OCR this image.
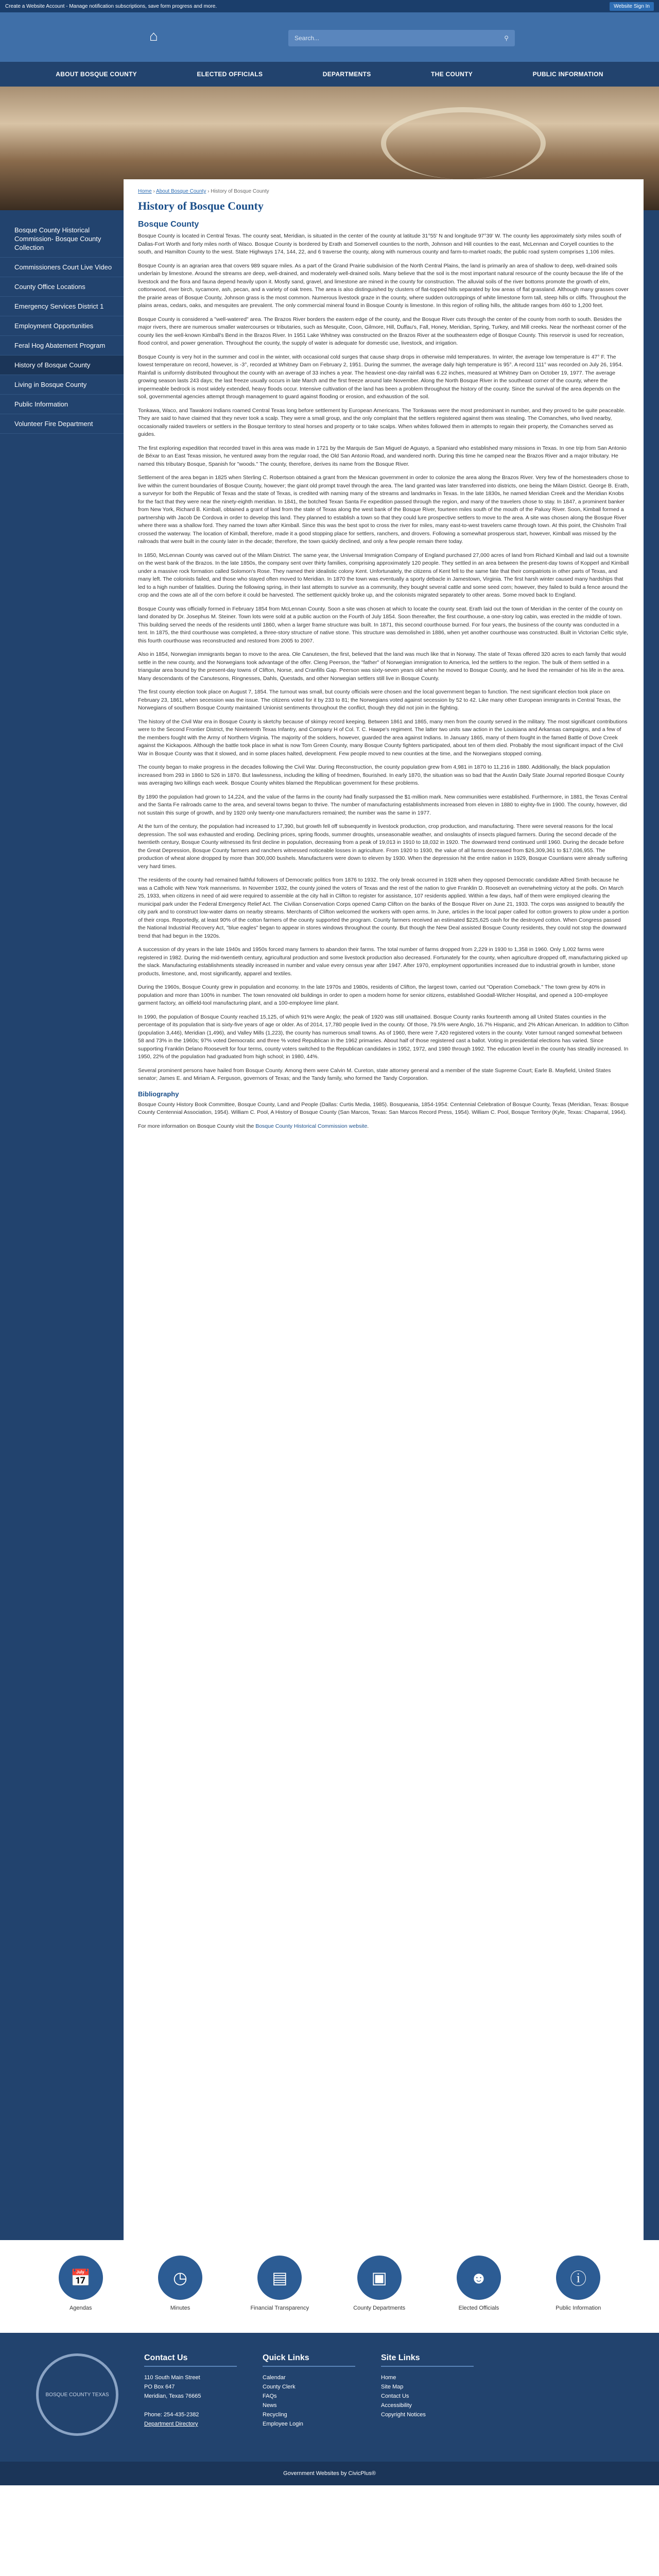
Create a Website Account - Manage notification subscriptions, save form progress and more.	Website Sign In
⌂	Search...	⚲
ABOUT BOSQUE COUNTY	ELECTED OFFICIALS	DEPARTMENTS	THE COUNTY	PUBLIC INFORMATION
Bosque County Historical Commission- Bosque County Collection
Commissioners Court Live Video
County Office Locations
Emergency Services District 1
Employment Opportunities
Feral Hog Abatement Program
History of Bosque County
Living in Bosque County
Public Information
Volunteer Fire Department
Home › About Bosque County › History of Bosque County
History of Bosque County
Bosque County

Bosque County is located in Central Texas. The county seat, Meridian, is situated in the center of the county at latitude 31°55' N and longitude 97°39' W. The county lies approximately sixty miles south of Dallas-Fort Worth and forty miles north of Waco. Bosque County is bordered by Erath and Somervell counties to the north, Johnson and Hill counties to the east, McLennan and Coryell counties to the south, and Hamilton County to the west. State Highways 174, 144, 22, and 6 traverse the county, along with numerous county and farm-to-market roads; the public road system comprises 1,106 miles.

Bosque County is an agrarian area that covers 989 square miles. As a part of the Grand Prairie subdivision of the North Central Plains, the land is primarily an area of shallow to deep, well-drained soils underlain by limestone. Around the streams are deep, well-drained, and moderately well-drained soils. Many believe that the soil is the most important natural resource of the county because the life of the livestock and the flora and fauna depend heavily upon it. Mostly sand, gravel, and limestone are mined in the county for construction. The alluvial soils of the river bottoms promote the growth of elm, cottonwood, river birch, sycamore, ash, pecan, and a variety of oak trees. The area is also distinguished by clusters of flat-topped hills separated by low areas of flat grassland. Although many grasses cover the prairie areas of Bosque County, Johnson grass is the most common. Numerous livestock graze in the county, where sudden outcroppings of white limestone form tall, steep hills or cliffs. Throughout the plains areas, cedars, oaks, and mesquites are prevalent. The only commercial mineral found in Bosque County is limestone. In this region of rolling hills, the altitude ranges from 460 to 1,200 feet.

Bosque County is considered a "well-watered" area. The Brazos River borders the eastern edge of the county, and the Bosque River cuts through the center of the county from north to south. Besides the major rivers, there are numerous smaller watercourses or tributaries, such as Mesquite, Coon, Gilmore, Hill, Duffau's, Fall, Honey, Meridian, Spring, Turkey, and Mill creeks. Near the northeast corner of the county lies the well-known Kimball's Bend in the Brazos River. In 1951 Lake Whitney was constructed on the Brazos River at the southeastern edge of Bosque County. This reservoir is used for recreation, flood control, and power generation. Throughout the county, the supply of water is adequate for domestic use, livestock, and irrigation.

Bosque County is very hot in the summer and cool in the winter, with occasional cold surges that cause sharp drops in otherwise mild temperatures. In winter, the average low temperature is 47° F. The lowest temperature on record, however, is -3°, recorded at Whitney Dam on February 2, 1951. During the summer, the average daily high temperature is 95°. A record 111° was recorded on July 26, 1954. Rainfall is uniformly distributed throughout the county with an average of 33 inches a year. The heaviest one-day rainfall was 6.22 inches, measured at Whitney Dam on October 19, 1977. The average growing season lasts 243 days; the last freeze usually occurs in late March and the first freeze around late November. Along the North Bosque River in the southeast corner of the county, where the impermeable bedrock is most widely extended, heavy floods occur. Intensive cultivation of the land has been a problem throughout the history of the county. Since the survival of the area depends on the soil, governmental agencies attempt through management to guard against flooding or erosion, and exhaustion of the soil.

Tonkawa, Waco, and Tawakoni Indians roamed Central Texas long before settlement by European Americans. The Tonkawas were the most predominant in number, and they proved to be quite peaceable. They are said to have claimed that they never took a scalp. They were a small group, and the only complaint that the settlers registered against them was stealing. The Comanches, who lived nearby, occasionally raided travelers or settlers in the Bosque territory to steal horses and property or to take scalps. When whites followed them in attempts to regain their property, the Comanches served as guides.

The first exploring expedition that recorded travel in this area was made in 1721 by the Marquis de San Miguel de Aguayo, a Spaniard who established many missions in Texas. In one trip from San Antonio de Béxar to an East Texas mission, he ventured away from the regular road, the Old San Antonio Road, and wandered north. During this time he camped near the Brazos River and a major tributary. He named this tributary Bosque, Spanish for "woods." The county, therefore, derives its name from the Bosque River.

Settlement of the area began in 1825 when Sterling C. Robertson obtained a grant from the Mexican government in order to colonize the area along the Brazos River. Very few of the homesteaders chose to live within the current boundaries of Bosque County, however; the giant old prompt travel through the area. The land granted was later transferred into districts, one being the Milam District. George B. Erath, a surveyor for both the Republic of Texas and the state of Texas, is credited with naming many of the streams and landmarks in Texas. In the late 1830s, he named Meridian Creek and the Meridian Knobs for the fact that they were near the ninety-eighth meridian. In 1841, the botched Texan Santa Fe expedition passed through the region, and many of the travelers chose to stay. In 1847, a prominent banker from New York, Richard B. Kimball, obtained a grant of land from the state of Texas along the west bank of the Bosque River, fourteen miles south of the mouth of the Paluxy River. Soon, Kimball formed a partnership with Jacob De Cordova in order to develop this land. They planned to establish a town so that they could lure prospective settlers to move to the area. A site was chosen along the Bosque River where there was a shallow ford. They named the town after Kimball. Since this was the best spot to cross the river for miles, many east-to-west travelers came through town. At this point, the Chisholm Trail crossed the waterway. The location of Kimball, therefore, made it a good stopping place for settlers, ranchers, and drovers. Following a somewhat prosperous start, however, Kimball was missed by the railroads that were built in the county later in the decade; therefore, the town quickly declined, and only a few people remain there today.

In 1850, McLennan County was carved out of the Milam District. The same year, the Universal Immigration Company of England purchased 27,000 acres of land from Richard Kimball and laid out a townsite on the west bank of the Brazos. In the late 1850s, the company sent over thirty families, comprising approximately 120 people. They settled in an area between the present-day towns of Kopperl and Kimball under a massive rock formation called Solomon's Rose. They named their idealistic colony Kent. Unfortunately, the citizens of Kent fell to the same fate that their compatriots in other parts of Texas, and many left. The colonists failed, and those who stayed often moved to Meridian. In 1870 the town was eventually a sporty debacle in Jamestown, Virginia. The first harsh winter caused many hardships that led to a high number of fatalities. During the following spring, in their last attempts to survive as a community, they bought several cattle and some seed corn; however, they failed to build a fence around the crop and the cows ate all of the corn before it could be harvested. The settlement quickly broke up, and the colonists migrated separately to other areas. Some moved back to England.

Bosque County was officially formed in February 1854 from McLennan County. Soon a site was chosen at which to locate the county seat. Erath laid out the town of Meridian in the center of the county on land donated by Dr. Josephus M. Steiner. Town lots were sold at a public auction on the Fourth of July 1854. Soon thereafter, the first courthouse, a one-story log cabin, was erected in the middle of town. This building served the needs of the residents until 1860, when a larger frame structure was built. In 1871, this second courthouse burned. For four years, the business of the county was conducted in a tent. In 1875, the third courthouse was completed, a three-story structure of native stone. This structure was demolished in 1886, when yet another courthouse was constructed. Built in Victorian Celtic style, this fourth courthouse was reconstructed and restored from 2005 to 2007.

Also in 1854, Norwegian immigrants began to move to the area. Ole Canutesen, the first, believed that the land was much like that in Norway. The state of Texas offered 320 acres to each family that would settle in the new county, and the Norwegians took advantage of the offer. Cleng Peerson, the "father" of Norwegian immigration to America, led the settlers to the region. The bulk of them settled in a triangular area bound by the present-day towns of Clifton, Norse, and Cranfills Gap. Peerson was sixty-seven years old when he moved to Bosque County, and he lived the remainder of his life in the area. Many descendants of the Canutesons, Ringnesses, Dahls, Questads, and other Norwegian settlers still live in Bosque County.

The first county election took place on August 7, 1854. The turnout was small, but county officials were chosen and the local government began to function. The next significant election took place on February 23, 1861, when secession was the issue. The citizens voted for it by 233 to 81; the Norwegians voted against secession by 52 to 42. Like many other European immigrants in Central Texas, the Norwegians of southern Bosque County maintained Unionist sentiments throughout the conflict, though they did not join in the fighting.

The history of the Civil War era in Bosque County is sketchy because of skimpy record keeping. Between 1861 and 1865, many men from the county served in the military. The most significant contributions were to the Second Frontier District, the Nineteenth Texas Infantry, and Company H of Col. T. C. Hawpe's regiment. The latter two units saw action in the Louisiana and Arkansas campaigns, and a few of the members fought with the Army of Northern Virginia. The majority of the soldiers, however, guarded the area against Indians. In January 1865, many of them fought in the famed Battle of Dove Creek against the Kickapoos. Although the battle took place in what is now Tom Green County, many Bosque County fighters participated, about ten of them died. Probably the most significant impact of the Civil War in Bosque County was that it slowed, and in some places halted, development. Few people moved to new counties at the time, and the Norwegians stopped coming.

The county began to make progress in the decades following the Civil War. During Reconstruction, the county population grew from 4,981 in 1870 to 11,216 in 1880. Additionally, the black population increased from 293 in 1860 to 526 in 1870. But lawlessness, including the killing of freedmen, flourished. In early 1870, the situation was so bad that the Austin Daily State Journal reported Bosque County was averaging two killings each week. Bosque County whites blamed the Republican government for these problems.

By 1890 the population had grown to 14,224, and the value of the farms in the county had finally surpassed the $1-million mark. New communities were established. Furthermore, in 1881, the Texas Central and the Santa Fe railroads came to the area, and several towns began to thrive. The number of manufacturing establishments increased from eleven in 1880 to eighty-five in 1900. The county, however, did not sustain this surge of growth, and by 1920 only twenty-one manufacturers remained; the number was the same in 1977.

At the turn of the century, the population had increased to 17,390, but growth fell off subsequently in livestock production, crop production, and manufacturing. There were several reasons for the local depression. The soil was exhausted and eroding. Declining prices, spring floods, summer droughts, unseasonable weather, and onslaughts of insects plagued farmers. During the second decade of the twentieth century, Bosque County witnessed its first decline in population, decreasing from a peak of 19,013 in 1910 to 18,032 in 1920. The downward trend continued until 1960. During the decade before the Great Depression, Bosque County farmers and ranchers witnessed noticeable losses in agriculture. From 1920 to 1930, the value of all farms decreased from $26,309,361 to $17,036,955. The production of wheat alone dropped by more than 300,000 bushels. Manufacturers were down to eleven by 1930. When the depression hit the entire nation in 1929, Bosque Countians were already suffering very hard times.

The residents of the county had remained faithful followers of Democratic politics from 1876 to 1932. The only break occurred in 1928 when they opposed Democratic candidate Alfred Smith because he was a Catholic with New York mannerisms. In November 1932, the county joined the voters of Texas and the rest of the nation to give Franklin D. Roosevelt an overwhelming victory at the polls. On March 25, 1933, when citizens in need of aid were required to assemble at the city hall in Clifton to register for assistance, 107 residents applied. Within a few days, half of them were employed clearing the municipal park under the Federal Emergency Relief Act. The Civilian Conservation Corps opened Camp Clifton on the banks of the Bosque River on June 21, 1933. The corps was assigned to beautify the city park and to construct low-water dams on nearby streams. Merchants of Clifton welcomed the workers with open arms. In June, articles in the local paper called for cotton growers to plow under a portion of their crops. Reportedly, at least 90% of the cotton farmers of the county supported the program. County farmers received an estimated $225,625 cash for the destroyed cotton. When Congress passed the National Industrial Recovery Act, "blue eagles" began to appear in stores windows throughout the county. But though the New Deal assisted Bosque County residents, they could not stop the downward trend that had begun in the 1920s.

A succession of dry years in the late 1940s and 1950s forced many farmers to abandon their farms. The total number of farms dropped from 2,229 in 1930 to 1,358 in 1960. Only 1,002 farms were registered in 1982. During the mid-twentieth century, agricultural production and some livestock production also decreased. Fortunately for the county, when agriculture dropped off, manufacturing picked up the slack. Manufacturing establishments steadily increased in number and value every census year after 1947. After 1970, employment opportunities increased due to industrial growth in lumber, stone products, limestone, and, most significantly, apparel and textiles.

During the 1960s, Bosque County grew in population and economy. In the late 1970s and 1980s, residents of Clifton, the largest town, carried out "Operation Comeback." The town grew by 40% in population and more than 100% in number. The town renovated old buildings in order to open a modern home for senior citizens, established Goodall-Witcher Hospital, and opened a 100-employee garment factory, an oilfield-tool manufacturing plant, and a 100-employee lime plant.

In 1990, the population of Bosque County reached 15,125, of which 91% were Anglo; the peak of 1920 was still unattained. Bosque County ranks fourteenth among all United States counties in the percentage of its population that is sixty-five years of age or older. As of 2014, 17,780 people lived in the county. Of those, 79.5% were Anglo, 16.7% Hispanic, and 2% African American. In addition to Clifton (population 3,446), Meridian (1,496), and Valley Mills (1,223), the county has numerous small towns. As of 1960, there were 7,420 registered voters in the county. Voter turnout ranged somewhat between 58 and 73% in the 1960s; 97% voted Democratic and three % voted Republican in the 1962 primaries. About half of those registered cast a ballot. Voting in presidential elections has varied. Since supporting Franklin Delano Roosevelt for four terms, county voters switched to the Republican candidates in 1952, 1972, and 1980 through 1992. The education level in the county has steadily increased. In 1950, 22% of the population had graduated from high school; in 1980, 44%.

Several prominent persons have hailed from Bosque County. Among them were Calvin M. Cureton, state attorney general and a member of the state Supreme Court; Earle B. Mayfield, United States senator; James E. and Miriam A. Ferguson, governors of Texas; and the Tandy family, who formed the Tandy Corporation.

Bibliography

Bosque County History Book Committee, Bosque County, Land and People (Dallas: Curtis Media, 1985). Bosqueania, 1854-1954: Centennial Celebration of Bosque County, Texas (Meridian, Texas: Bosque County Centennial Association, 1954). William C. Pool, A History of Bosque County (San Marcos, Texas: San Marcos Record Press, 1954). William C. Pool, Bosque Territory (Kyle, Texas: Chaparral, 1964).

For more information on Bosque County visit the Bosque County Historical Commission website.

📅
Agendas
◷
Minutes
▤
Financial Transparency
▣
County Departments
☻
Elected Officials
ⓘ
Public Information
BOSQUE COUNTY TEXAS
Contact Us
110 South Main Street
PO Box 647
Meridian, Texas 76665

Phone: 254-435-2382
Department Directory
Quick Links
Calendar
County Clerk
FAQs
News
Recycling
Employee Login
Site Links
Home
Site Map
Contact Us
Accessibility
Copyright Notices
Government Websites by CivicPlus®
